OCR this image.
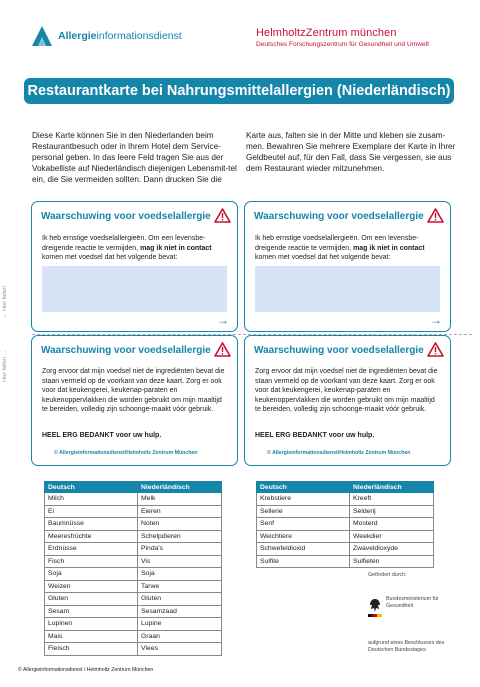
Allergieinformationsdienst	HelmholtzZentrum münchen
Deutsches Forschungszentrum für Gesundheit und Umwelt
Restaurantkarte bei Nahrungsmittelallergien (Niederländisch)
Diese Karte können Sie in den Niederlanden beim Restaurantbesuch oder in Ihrem Hotel dem Service-personal geben. In das leere Feld tragen Sie aus der Vokabelliste auf Niederländisch diejenigen Lebensmit-tel ein, die Sie vermeiden sollten. Dann drucken Sie die
Karte aus, falten sie in der Mitte und kleben sie zusam-men. Bewahren Sie mehrere Exemplare der Karte in Ihrer Geldbeutel auf, für den Fall, dass Sie vergessen, sie aus dem Restaurant wieder mitzunehmen.
← Hier falten
Hier falten →
Waarschuwing voor voedselallergie
Ik heb ernstige voedselallergieën. Om een levensbe-dreigende reactie te vermijden, mag ik niet in contact komen met voedsel dat het volgende bevat:
→
Waarschuwing voor voedselallergie
Ik heb ernstige voedselallergieën. Om een levensbe-dreigende reactie te vermijden, mag ik niet in contact komen met voedsel dat het volgende bevat:
→
Waarschuwing voor voedselallergie
Zorg ervoor dat mijn voedsel niet de ingrediënten bevat die staan vermeld op de voorkant van deze kaart. Zorg er ook voor dat keukengerei, keukenap-paraten en keukenoppervlakken die worden gebruikt om mijn maaltijd te bereiden, volledig zijn schoonge-maakt vóór gebruik.
HEEL ERG BEDANKT voor uw hulp.
© Allergieinformationsdienst/Helmholtz Zentrum München
Waarschuwing voor voedselallergie
Zorg ervoor dat mijn voedsel niet de ingrediënten bevat die staan vermeld op de voorkant van deze kaart. Zorg er ook voor dat keukengerei, keukenap-paraten en keukenoppervlakken die worden gebruikt om mijn maaltijd te bereiden, volledig zijn schoonge-maakt vóór gebruik.
HEEL ERG BEDANKT voor uw hulp.
© Allergieinformationsdienst/Helmholtz Zentrum München
Deutsch	Niederländisch
Milch	Melk
Ei	Eieren
Baumnüsse	Noten
Meeresfrüchte	Schelpdieren
Erdnüsse	Pinda's
Fisch	Vis
Soja	Soja
Weizen	Tarwe
Gluten	Gluten
Sesam	Sesamzaad
Lupinen	Lupine
Mais	Graan
Fleisch	Vlees
Deutsch	Niederländisch
Krebstiere	Kreeft
Sellerie	Selderij
Senf	Mosterd
Weichtiere	Weekdier
Schwefeldioxid	Zwaveldioxyde
Sulfite	Sulfieten
Gefördert durch:
Bundesministerium für Gesundheit
aufgrund eines Beschlusses des Deutschen Bundestages
© Allergieinformationsdienst / Helmholtz Zentrum München
